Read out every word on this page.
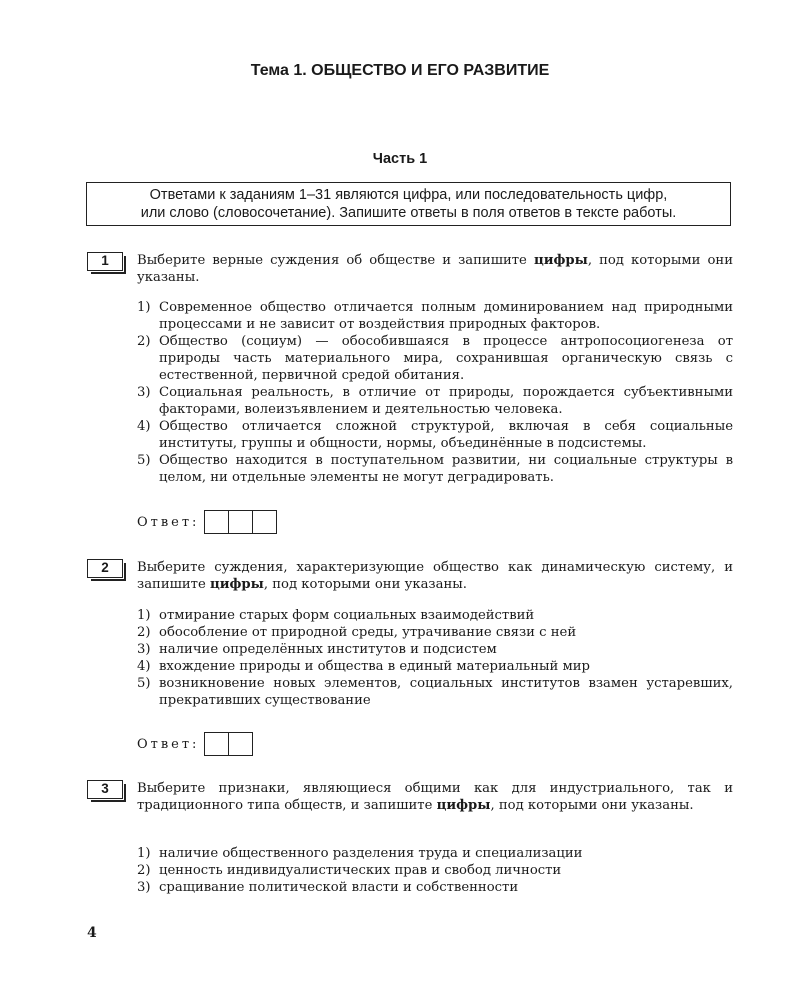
Тема 1. ОБЩЕСТВО И ЕГО РАЗВИТИЕ
Часть 1
Ответами к заданиям 1–31 являются цифра, или последовательность цифр,
или слово (словосочетание). Запишите ответы в поля ответов в тексте работы.
1	Выберите верные суждения об обществе и запишите цифры, под которыми они указаны.
1) Современное общество отличается полным доминированием над природными процессами и не зависит от воздействия природных факторов.
2) Общество (социум) — обособившаяся в процессе антропосоциогенеза от природы часть материального мира, сохранившая органическую связь с естественной, первичной средой обитания.
3) Социальная реальность, в отличие от природы, порождается субъективными факторами, волеизъявлением и деятельностью человека.
4) Общество отличается сложной структурой, включая в себя социальные институты, группы и общности, нормы, объединённые в подсистемы.
5) Общество находится в поступательном развитии, ни социальные структуры в целом, ни отдельные элементы не могут деградировать.
Ответ:
2	Выберите суждения, характеризующие общество как динамическую систему, и запишите цифры, под которыми они указаны.
1) отмирание старых форм социальных взаимодействий
2) обособление от природной среды, утрачивание связи с ней
3) наличие определённых институтов и подсистем
4) вхождение природы и общества в единый материальный мир
5) возникновение новых элементов, социальных институтов взамен устаревших, прекративших существование
Ответ:
3	Выберите признаки, являющиеся общими как для индустриального, так и традиционного типа обществ, и запишите цифры, под которыми они указаны.
1) наличие общественного разделения труда и специализации
2) ценность индивидуалистических прав и свобод личности
3) сращивание политической власти и собственности
4
